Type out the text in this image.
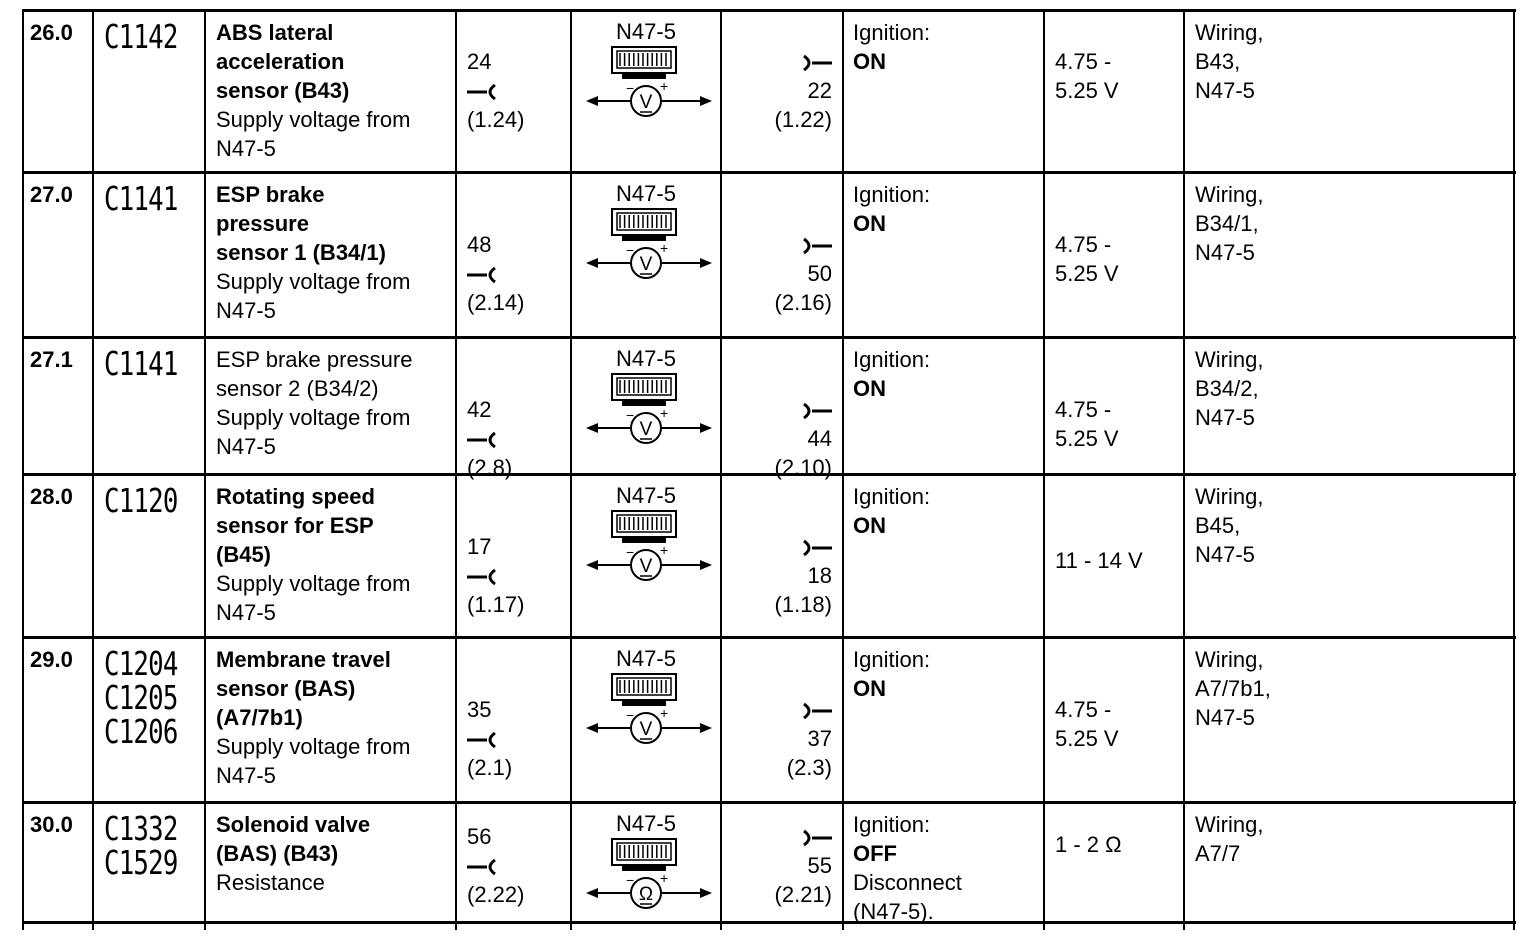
26.0 C1142 ABS lateral
acceleration
sensor (B43)
Supply voltage from
N47-5
24
(1.24)
22
(1.22)
N47-5
V
− +
Ignition:
ON	4.75 -
5.25 V
Wiring,
B43,
N47-5
27.0 C1141 ESP brake
pressure
sensor 1 (B34/1)
Supply voltage from
N47-5
48
(2.14)
50
(2.16)
N47-5
V
− +
Ignition:
ON
4.75 -
5.25 V
Wiring,
B34/1,
N47-5
27.1 C1141 ESP brake pressure
sensor 2 (B34/2)
Supply voltage from
N47-5
42
(2.8)
44
(2.10)
N47-5
V
− +
Ignition:
ON
4.75 -
5.25 V
Wiring,
B34/2,
N47-5
28.0 C1120 Rotating speed
sensor for ESP
(B45)
Supply voltage from
N47-5
17
(1.17)
18
(1.18)
N47-5
V
− +
Ignition:
ON
11 - 14 V
Wiring,
B45,
N47-5
29.0 C1204
C1205
C1206
Membrane travel
sensor (BAS)
(A7/7b1)
Supply voltage from
N47-5
35
(2.1)
37
(2.3)
N47-5
V
− +
Ignition:
ON
4.75 -
5.25 V
Wiring,
A7/7b1,
N47-5
30.0 C1332
C1529
Solenoid valve
(BAS) (B43)
Resistance
56
(2.22)
55
(2.21)
N47-5
Ω
− +
Ignition:
OFF
Disconnect
(N47-5).
1 - 2 Ω
Wiring,
A7/7
